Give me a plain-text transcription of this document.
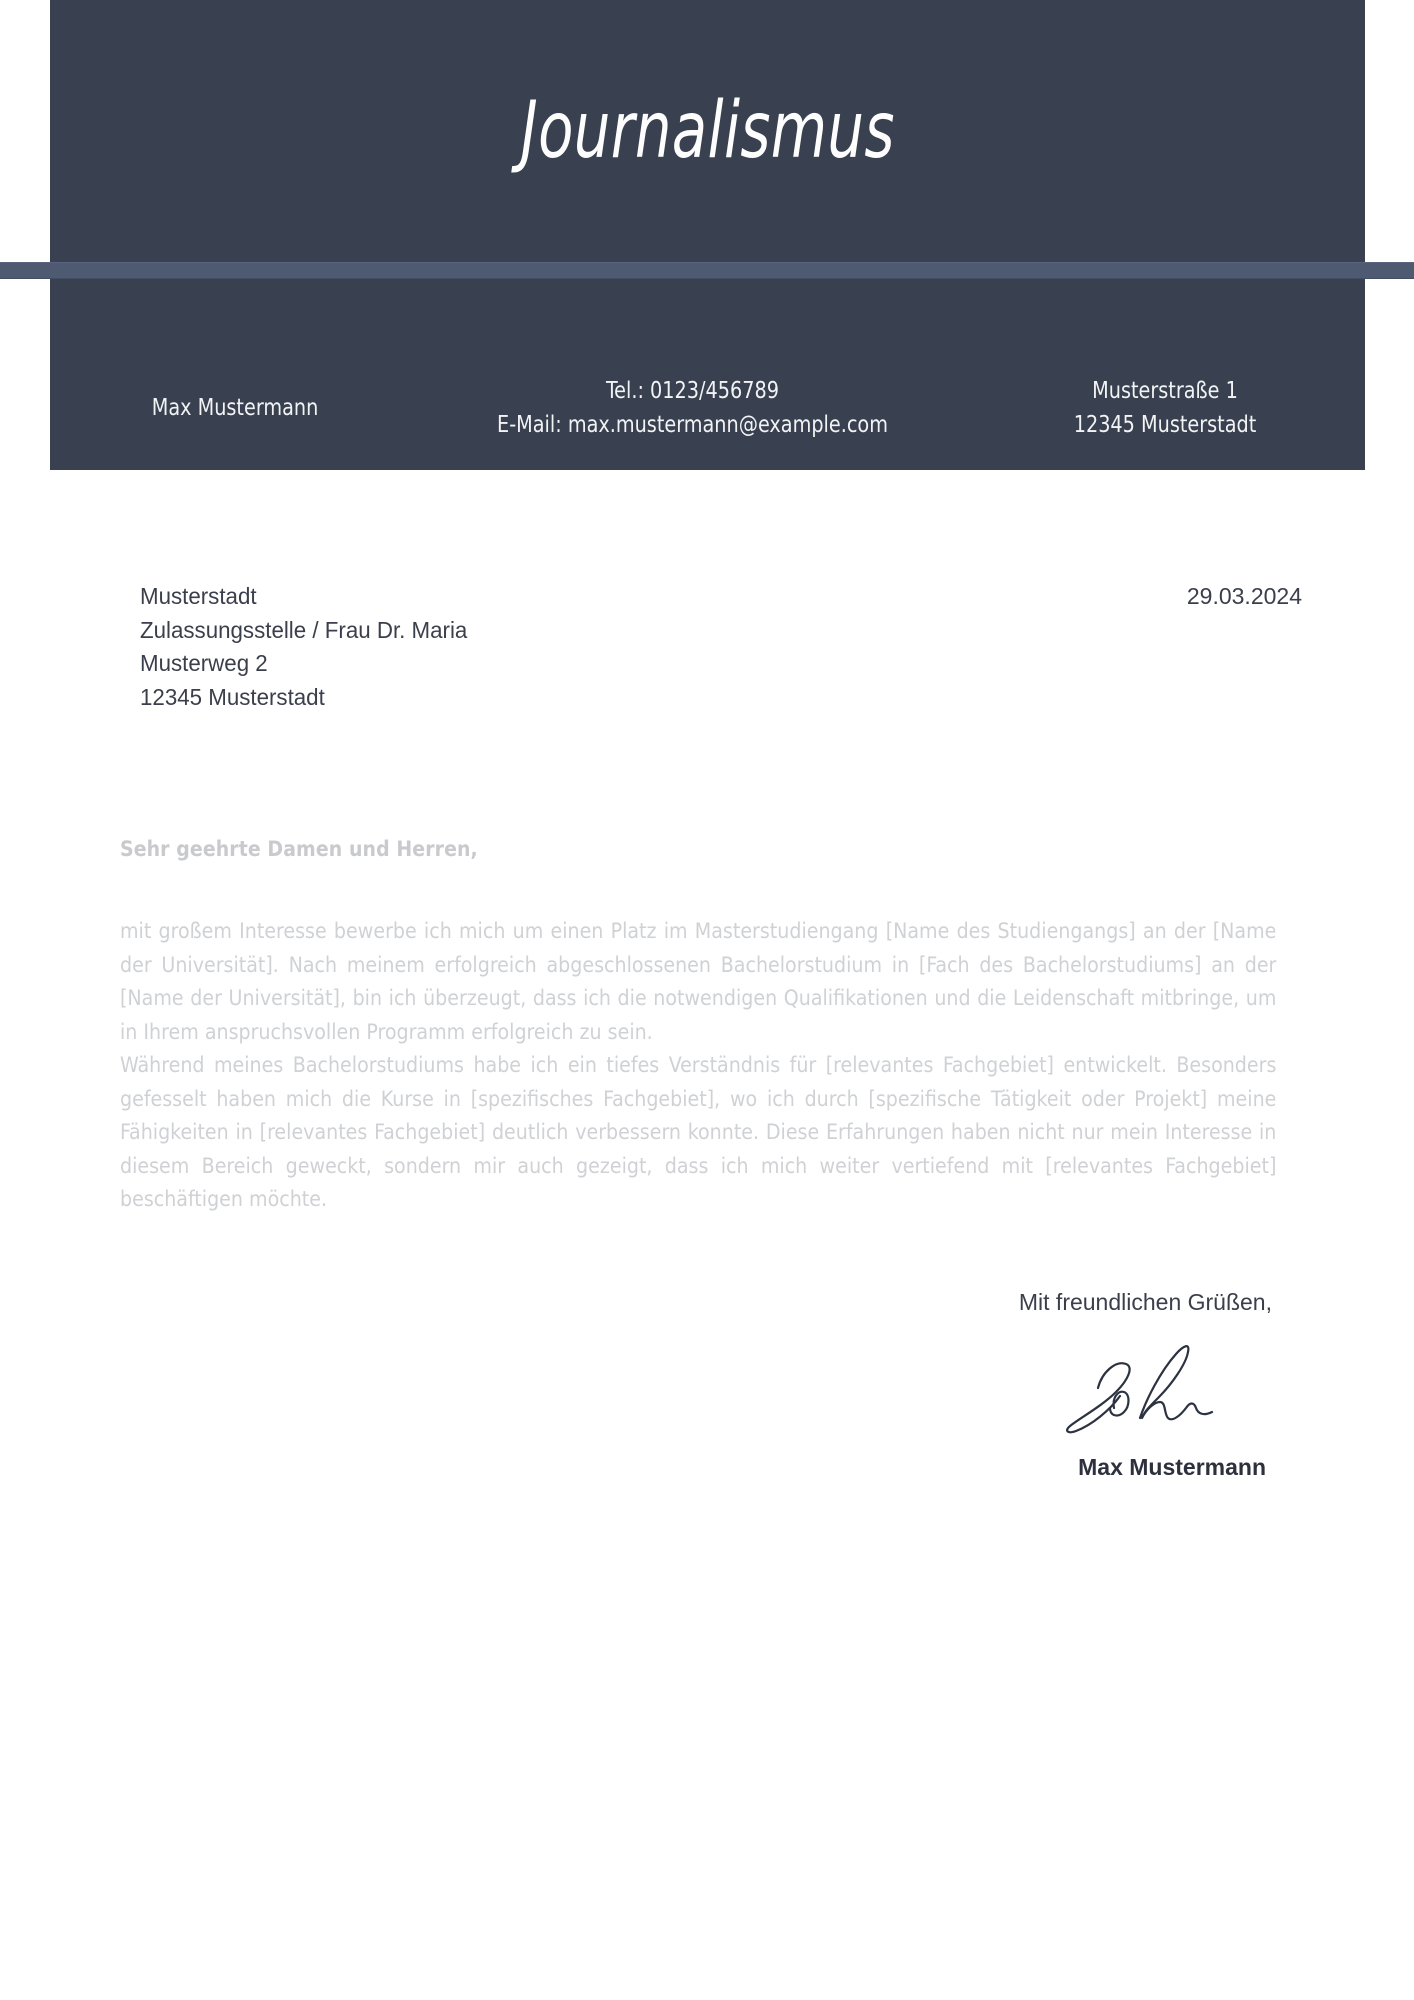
Journalismus
Max Mustermann
Tel.: 0123/456789
E-Mail: max.mustermann@example.com
Musterstraße 1
12345 Musterstadt
Musterstadt
Zulassungsstelle / Frau Dr. Maria
Musterweg 2
12345 Musterstadt
29.03.2024
Sehr geehrte Damen und Herren,

mit großem Interesse bewerbe ich mich um einen Platz im Masterstudiengang [Name des Studiengangs] an der [Name der Universität]. Nach meinem erfolgreich abgeschlossenen Bachelorstudium in [Fach des Bachelorstudiums] an der [Name der Universität], bin ich überzeugt, dass ich die notwendigen Qualifikationen und die Leidenschaft mitbringe, um in Ihrem anspruchsvollen Programm erfolgreich zu sein.

Während meines Bachelorstudiums habe ich ein tiefes Verständnis für [relevantes Fachgebiet] entwickelt. Besonders gefesselt haben mich die Kurse in [spezifisches Fachgebiet], wo ich durch [spezifische Tätigkeit oder Projekt] meine Fähigkeiten in [relevantes Fachgebiet] deutlich verbessern konnte. Diese Erfahrungen haben nicht nur mein Interesse in diesem Bereich geweckt, sondern mir auch gezeigt, dass ich mich weiter vertiefend mit [relevantes Fachgebiet] beschäftigen möchte.

Mit freundlichen Grüßen,
Max Mustermann
